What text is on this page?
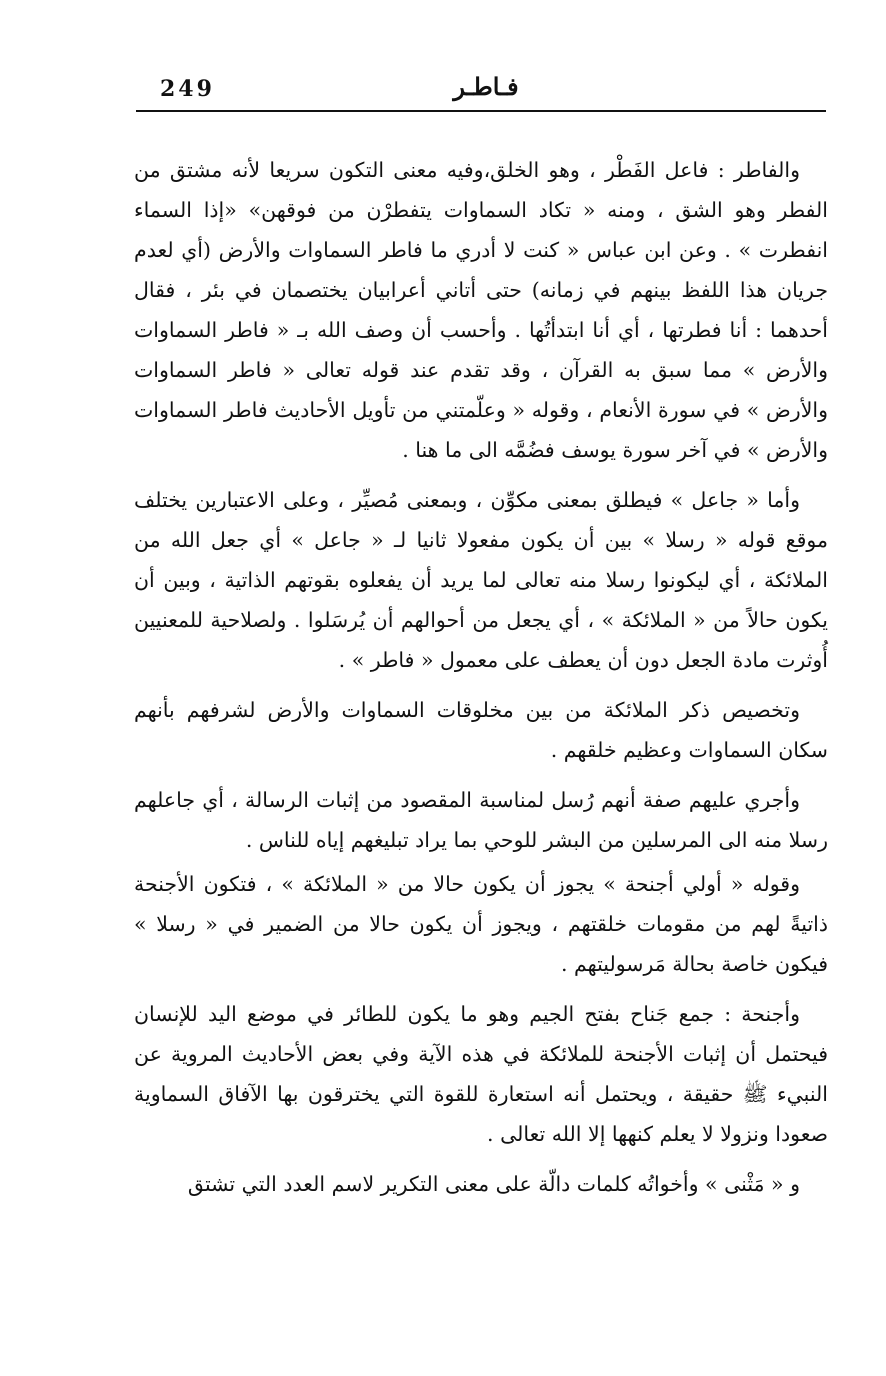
249	فـاطـر

والفاطر : فاعل الفَطْر ، وهو الخلق،وفيه معنى التكون سريعا لأنه مشتق من الفطر وهو الشق ، ومنه « تكاد السماوات يتفطرْن من فوقهن» «إذا السماء انفطرت » . وعن ابن عباس « كنت لا أدري ما فاطر السماوات والأرض (أي لعدم جريان هذا اللفظ بينهم في زمانه) حتى أتاني أعرابيان يختصمان في بئر ، فقال أحدهما : أنا فطرتها ، أي أنا ابتدأتُها . وأحسب أن وصف الله بـ « فاطر السماوات والأرض » مما سبق به القرآن ، وقد تقدم عند قوله تعالى « فاطر السماوات والأرض » في سورة الأنعام ، وقوله « وعلّمتني من تأويل الأحاديث فاطر السماوات والأرض » في آخر سورة يوسف فضُمَّه الى ما هنا .

وأما « جاعل » فيطلق بمعنى مكوِّن ، وبمعنى مُصيِّر ، وعلى الاعتبارين يختلف موقع قوله « رسلا » بين أن يكون مفعولا ثانيا لـ « جاعل » أي جعل الله من الملائكة ، أي ليكونوا رسلا منه تعالى لما يريد أن يفعلوه بقوتهم الذاتية ، وبين أن يكون حالاً من « الملائكة » ، أي يجعل من أحوالهم أن يُرسَلوا . ولصلاحية للمعنيين أُوثرت مادة الجعل دون أن يعطف على معمول « فاطر » .

وتخصيص ذكر الملائكة من بين مخلوقات السماوات والأرض لشرفهم بأنهم سكان السماوات وعظيم خلقهم .

وأجري عليهم صفة أنهم رُسل لمناسبة المقصود من إثبات الرسالة ، أي جاعلهم رسلا منه الى المرسلين من البشر للوحي بما يراد تبليغهم إياه للناس .

وقوله « أولي أجنحة » يجوز أن يكون حالا من « الملائكة » ، فتكون الأجنحة ذاتيةً لهم من مقومات خلقتهم ، ويجوز أن يكون حالا من الضمير في « رسلا » فيكون خاصة بحالة مَرسوليتهم .

وأجنحة : جمع جَناح بفتح الجيم وهو ما يكون للطائر في موضع اليد للإنسان فيحتمل أن إثبات الأجنحة للملائكة في هذه الآية وفي بعض الأحاديث المروية عن النبيء ﷺ حقيقة ، ويحتمل أنه استعارة للقوة التي يخترقون بها الآفاق السماوية صعودا ونزولا لا يعلم كنهها إلا الله تعالى .

و « مَثْنى » وأخواتُه كلمات دالّة على معنى التكرير لاسم العدد التي تشتق
